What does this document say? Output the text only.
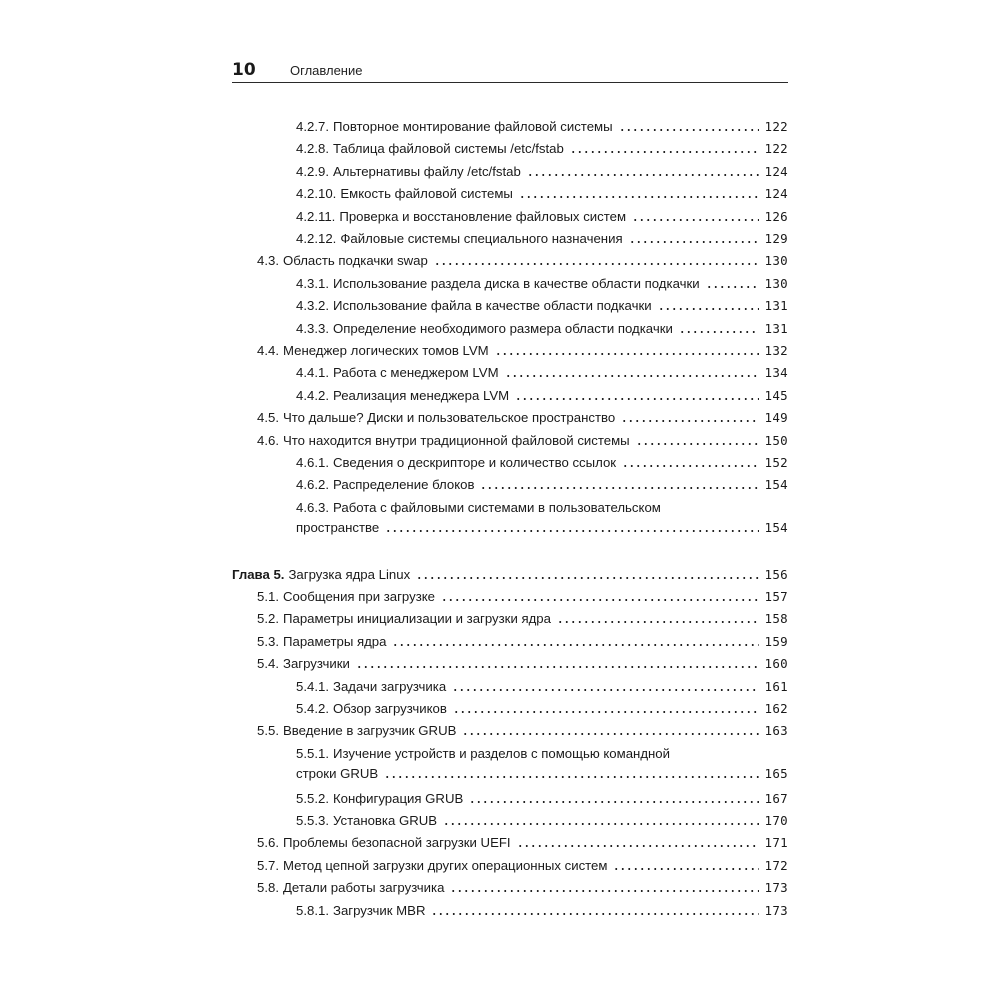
10	Оглавление
4.2.7. Повторное монтирование файловой системы	122
4.2.8. Таблица файловой системы /etc/fstab	122
4.2.9. Альтернативы файлу /etc/fstab	124
4.2.10. Емкость файловой системы	124
4.2.11. Проверка и восстановление файловых систем	126
4.2.12. Файловые системы специального назначения	129
4.3. Область подкачки swap	130
4.3.1. Использование раздела диска в качестве области подкачки	130
4.3.2. Использование файла в качестве области подкачки	131
4.3.3. Определение необходимого размера области подкачки	131
4.4. Менеджер логических томов LVM	132
4.4.1. Работа с менеджером LVM	134
4.4.2. Реализация менеджера LVM	145
4.5. Что дальше? Диски и пользовательское пространство	149
4.6. Что находится внутри традиционной файловой системы	150
4.6.1. Сведения о дескрипторе и количество ссылок	152
4.6.2. Распределение блоков	154
4.6.3. Работа с файловыми системами в пользовательском
пространстве	154
Глава 5. Загрузка ядра Linux	156
5.1. Сообщения при загрузке	157
5.2. Параметры инициализации и загрузки ядра	158
5.3. Параметры ядра	159
5.4. Загрузчики	160
5.4.1. Задачи загрузчика	161
5.4.2. Обзор загрузчиков	162
5.5. Введение в загрузчик GRUB	163
5.5.1. Изучение устройств и разделов с помощью командной
строки GRUB	165
5.5.2. Конфигурация GRUB	167
5.5.3. Установка GRUB	170
5.6. Проблемы безопасной загрузки UEFI	171
5.7. Метод цепной загрузки других операционных систем	172
5.8. Детали работы загрузчика	173
5.8.1. Загрузчик MBR	173
